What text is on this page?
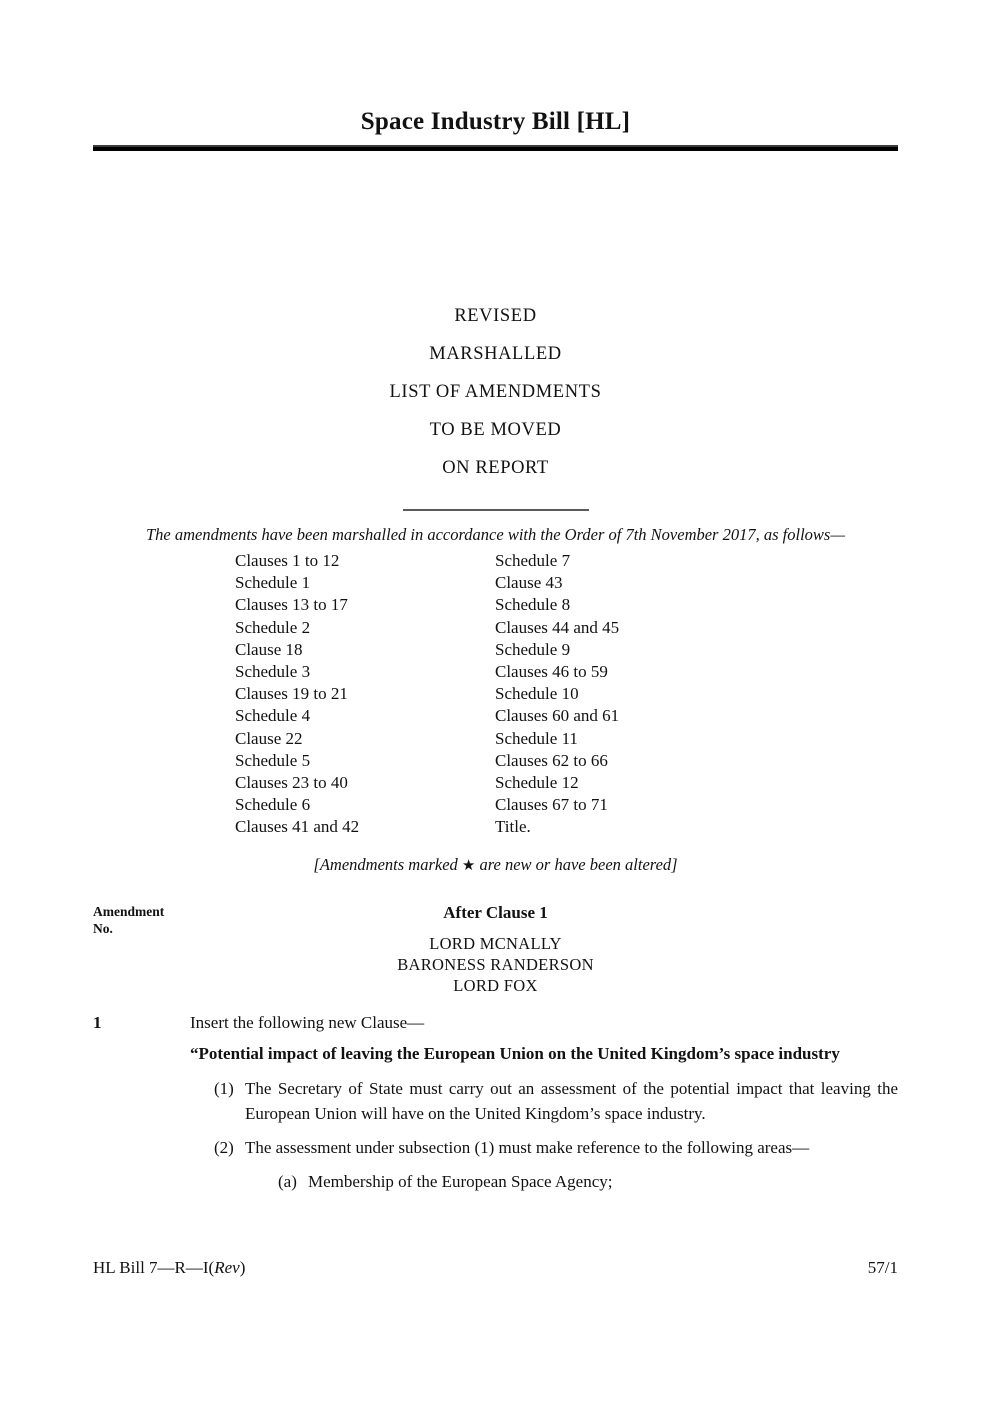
Space Industry Bill [HL]
REVISED
MARSHALLED
LIST OF AMENDMENTS
TO BE MOVED
ON REPORT

The amendments have been marshalled in accordance with the Order of 7th November 2017, as follows—

Clauses 1 to 12
Schedule 1
Clauses 13 to 17
Schedule 2
Clause 18
Schedule 3
Clauses 19 to 21
Schedule 4
Clause 22
Schedule 5
Clauses 23 to 40
Schedule 6
Clauses 41 and 42
Schedule 7
Clause 43
Schedule 8
Clauses 44 and 45
Schedule 9
Clauses 46 to 59
Schedule 10
Clauses 60 and 61
Schedule 11
Clauses 62 to 66
Schedule 12
Clauses 67 to 71
Title.

[Amendments marked ★ are new or have been altered]

Amendment
No.
After Clause 1
LORD MCNALLY
BARONESS RANDERSON
LORD FOX
1	Insert the following new Clause—

“Potential impact of leaving the European Union on the United Kingdom’s space industry

(1) The Secretary of State must carry out an assessment of the potential impact that leaving the European Union will have on the United Kingdom’s space industry.
(2) The assessment under subsection (1) must make reference to the following areas—
(a) Membership of the European Space Agency;
HL Bill 7—R—I(Rev)	57/1
